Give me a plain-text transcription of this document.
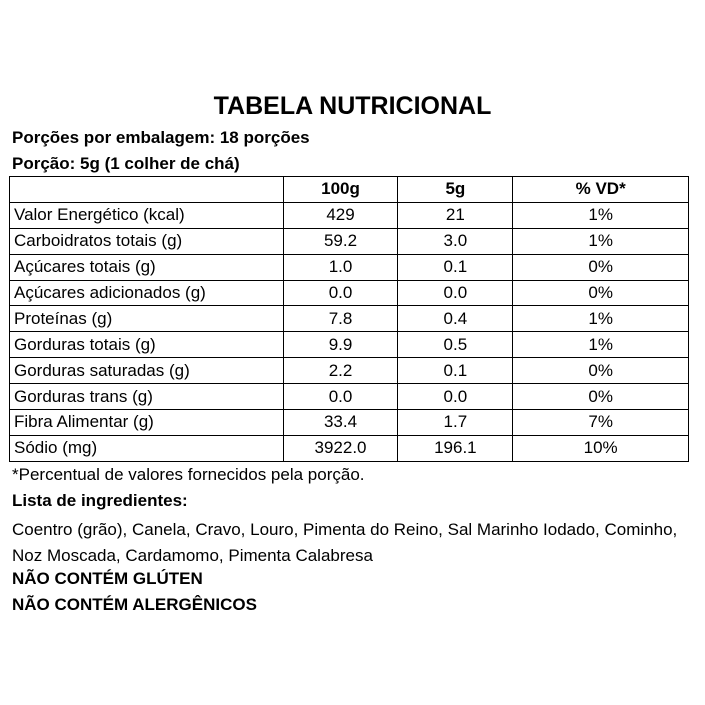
TABELA NUTRICIONAL
Porções por embalagem: 18 porções
Porção: 5g (1 colher de chá)
	100g	5g	% VD*
Valor Energético (kcal)	429	21	1%
Carboidratos totais (g)	59.2	3.0	1%
Açúcares totais (g)	1.0	0.1	0%
Açúcares adicionados (g)	0.0	0.0	0%
Proteínas (g)	7.8	0.4	1%
Gorduras totais (g)	9.9	0.5	1%
Gorduras saturadas (g)	2.2	0.1	0%
Gorduras trans (g)	0.0	0.0	0%
Fibra Alimentar (g)	33.4	1.7	7%
Sódio (mg)	3922.0	196.1	10%
*Percentual de valores fornecidos pela porção.
Lista de ingredientes:
Coentro (grão), Canela, Cravo, Louro, Pimenta do Reino, Sal Marinho Iodado, Cominho, Noz Moscada, Cardamomo, Pimenta Calabresa
NÃO CONTÉM GLÚTEN
NÃO CONTÉM ALERGÊNICOS
